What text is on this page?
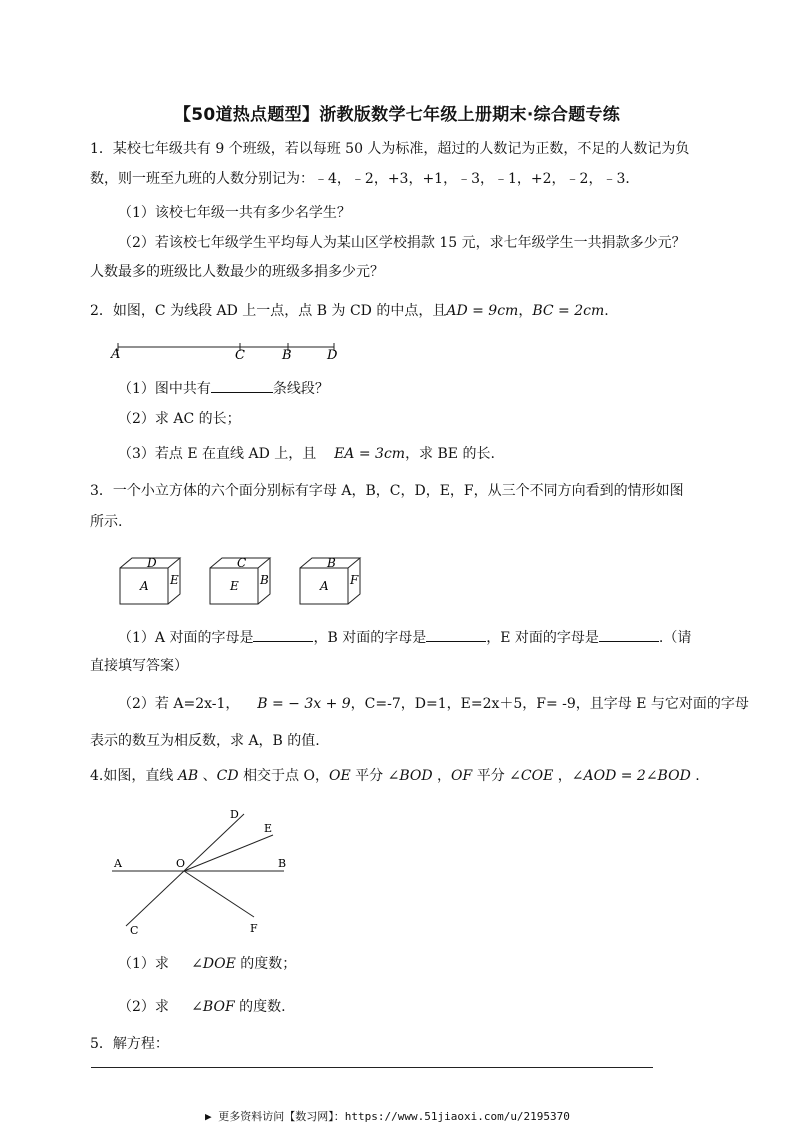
【50道热点题型】浙教版数学七年级上册期末·综合题专练
1．某校七年级共有 9 个班级，若以每班 50 人为标准，超过的人数记为正数，不足的人数记为负
数，则一班至九班的人数分别记为：﹣4，﹣2，+3，+1，﹣3，﹣1，+2，﹣2，﹣3．
（1）该校七年级一共有多少名学生？
（2）若该校七年级学生平均每人为某山区学校捐款 15 元，求七年级学生一共捐款多少元？
人数最多的班级比人数最少的班级多捐多少元？
2．如图，C 为线段 AD 上一点，点 B 为 CD 的中点，且AD = 9cm，BC = 2cm.
A	C	B	D
（1）图中共有	条线段？
（2）求 AC 的长；
（3）若点 E 在直线 AD 上，且 EA = 3cm，求 BE 的长.
3．一个小立方体的六个面分别标有字母 A，B，C，D，E，F，从三个不同方向看到的情形如图
所示.
D
A E
C
E B
B
A F
（1）A 对面的字母是	，B 对面的字母是	，E 对面的字母是	.（请
直接填写答案）
（2）若 A=2x-1， B = − 3x + 9，C=-7，D=1，E=2x＋5，F= -9，且字母 E 与它对面的字母
表示的数互为相反数，求 A，B 的值.
4.如图，直线 AB 、CD 相交于点 O，OE 平分 ∠BOD ，OF 平分 ∠COE ，∠AOD = 2∠BOD .
A	O	B
C
D
E
F
（1）求 ∠DOE 的度数；
（2）求 ∠BOF 的度数.
5．解方程：
▶ 更多资料访问【数习网】：https://www.51jiaoxi.com/u/2195370
